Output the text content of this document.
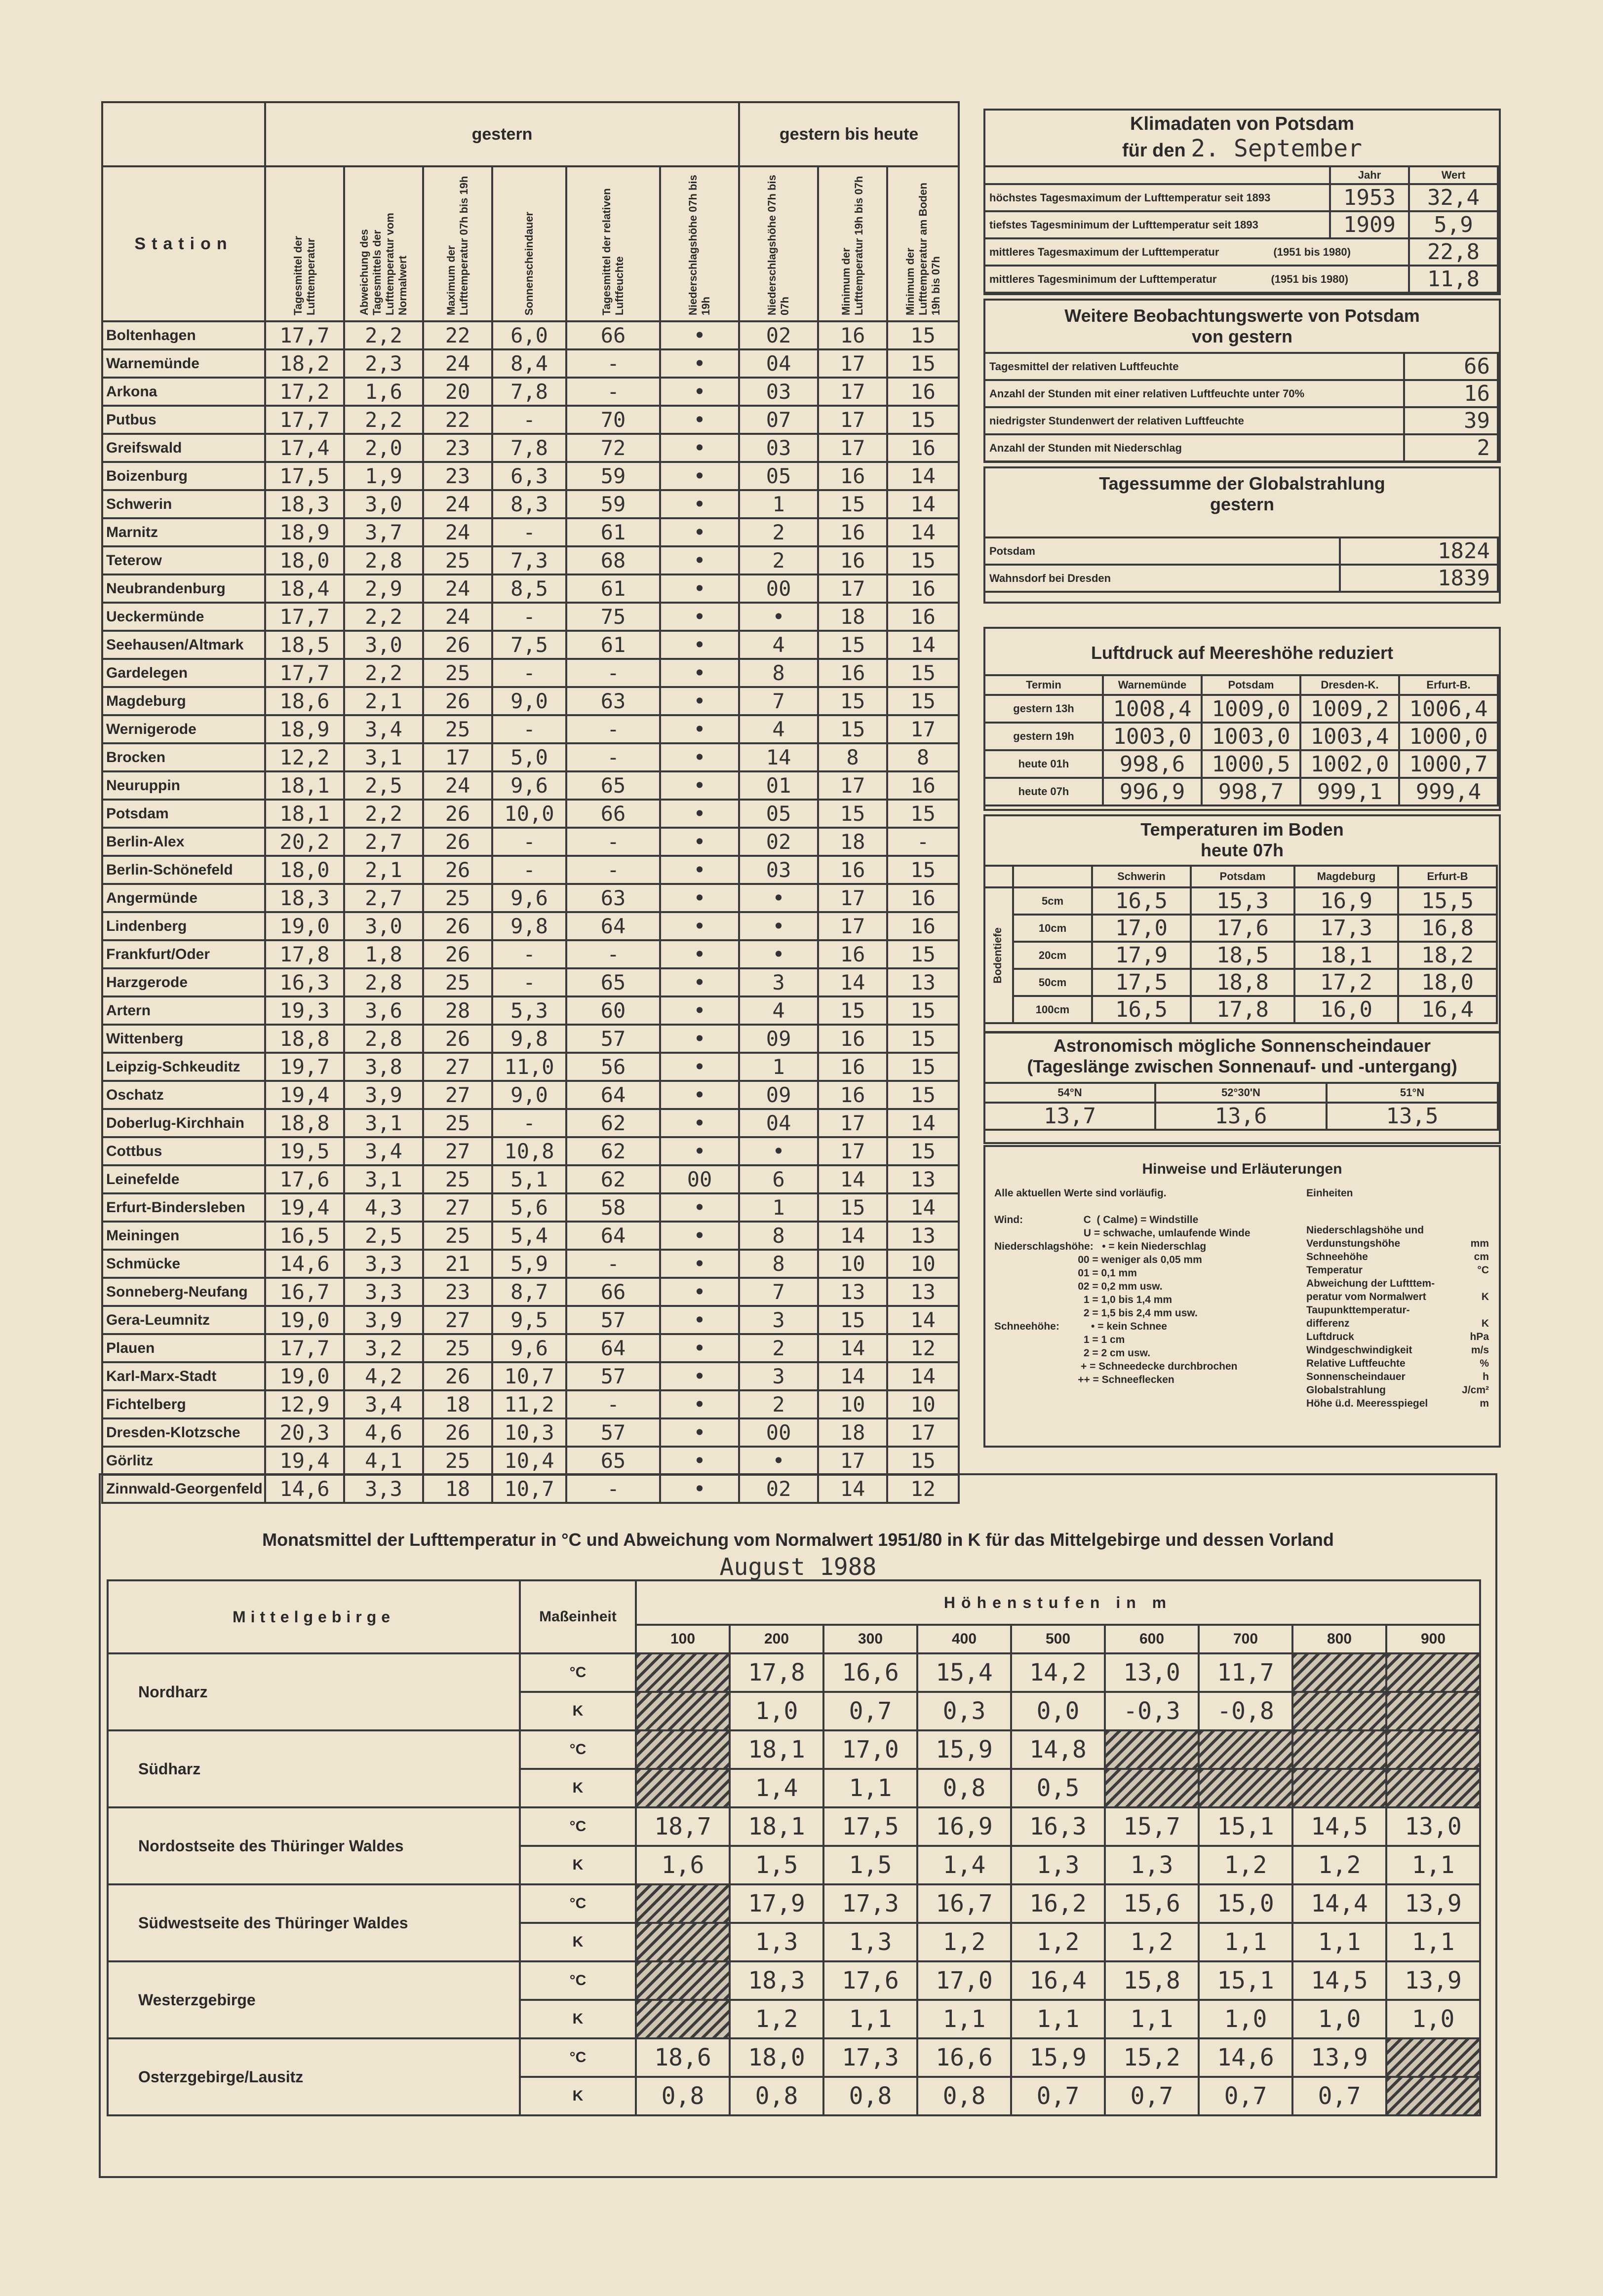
	gestern						gestern bis heute		
Station	Tagesmittel der Lufttemperatur	Abweichung des Tagesmittels der Lufttemperatur vom Normalwert	Maximum der Lufttemperatur 07h bis 19h	Sonnenscheindauer	Tagesmittel der relativen Luftfeuchte	Niederschlagshöhe 07h bis 19h	Niederschlagshöhe 07h bis 07h	Minimum der Lufttemperatur 19h bis 07h	Minimum der Lufttemperatur am Boden 19h bis 07h

Boltenhagen	17,7	2,2	22	6,0	66	•	02	16	15
Warnemünde	18,2	2,3	24	8,4	-	•	04	17	15
Arkona	17,2	1,6	20	7,8	-	•	03	17	16
Putbus	17,7	2,2	22	-	70	•	07	17	15
Greifswald	17,4	2,0	23	7,8	72	•	03	17	16
Boizenburg	17,5	1,9	23	6,3	59	•	05	16	14
Schwerin	18,3	3,0	24	8,3	59	•	1	15	14
Marnitz	18,9	3,7	24	-	61	•	2	16	14
Teterow	18,0	2,8	25	7,3	68	•	2	16	15
Neubrandenburg	18,4	2,9	24	8,5	61	•	00	17	16
Ueckermünde	17,7	2,2	24	-	75	•	•	18	16
Seehausen/Altmark	18,5	3,0	26	7,5	61	•	4	15	14
Gardelegen	17,7	2,2	25	-	-	•	8	16	15
Magdeburg	18,6	2,1	26	9,0	63	•	7	15	15
Wernigerode	18,9	3,4	25	-	-	•	4	15	17
Brocken	12,2	3,1	17	5,0	-	•	14	8	8
Neuruppin	18,1	2,5	24	9,6	65	•	01	17	16
Potsdam	18,1	2,2	26	10,0	66	•	05	15	15
Berlin-Alex	20,2	2,7	26	-	-	•	02	18	-
Berlin-Schönefeld	18,0	2,1	26	-	-	•	03	16	15
Angermünde	18,3	2,7	25	9,6	63	•	•	17	16
Lindenberg	19,0	3,0	26	9,8	64	•	•	17	16
Frankfurt/Oder	17,8	1,8	26	-	-	•	•	16	15
Harzgerode	16,3	2,8	25	-	65	•	3	14	13
Artern	19,3	3,6	28	5,3	60	•	4	15	15
Wittenberg	18,8	2,8	26	9,8	57	•	09	16	15
Leipzig-Schkeuditz	19,7	3,8	27	11,0	56	•	1	16	15
Oschatz	19,4	3,9	27	9,0	64	•	09	16	15
Doberlug-Kirchhain	18,8	3,1	25	-	62	•	04	17	14
Cottbus	19,5	3,4	27	10,8	62	•	•	17	15
Leinefelde	17,6	3,1	25	5,1	62	00	6	14	13
Erfurt-Bindersleben	19,4	4,3	27	5,6	58	•	1	15	14
Meiningen	16,5	2,5	25	5,4	64	•	8	14	13
Schmücke	14,6	3,3	21	5,9	-	•	8	10	10
Sonneberg-Neufang	16,7	3,3	23	8,7	66	•	7	13	13
Gera-Leumnitz	19,0	3,9	27	9,5	57	•	3	15	14
Plauen	17,7	3,2	25	9,6	64	•	2	14	12
Karl-Marx-Stadt	19,0	4,2	26	10,7	57	•	3	14	14
Fichtelberg	12,9	3,4	18	11,2	-	•	2	10	10
Dresden-Klotzsche	20,3	4,6	26	10,3	57	•	00	18	17
Görlitz	19,4	4,1	25	10,4	65	•	•	17	15
Zinnwald-Georgenfeld	14,6	3,3	18	10,7	-	•	02	14	12
Klimadaten von Potsdam
für den 2. September
	Jahr	Wert
höchstes Tagesmaximum der Lufttemperatur seit 1893	1953	32,4
tiefstes Tagesminimum der Lufttemperatur seit 1893	1909	5,9
mittleres Tagesmaximum der Lufttemperatur (1951 bis 1980)		22,8
mittleres Tagesminimum der Lufttemperatur (1951 bis 1980)		11,8
Weitere Beobachtungswerte von Potsdam
von gestern
Tagesmittel der relativen Luftfeuchte	66
Anzahl der Stunden mit einer relativen Luftfeuchte unter 70%	16
niedrigster Stundenwert der relativen Luftfeuchte	39
Anzahl der Stunden mit Niederschlag	2
Tagessumme der Globalstrahlung
gestern
Potsdam	1824
Wahnsdorf bei Dresden	1839
Luftdruck auf Meereshöhe reduziert
Termin	Warnemünde	Potsdam	Dresden-K.	Erfurt-B.
gestern 13h	1008,4	1009,0	1009,2	1006,4
gestern 19h	1003,0	1003,0	1003,4	1000,0
heute 01h	998,6	1000,5	1002,0	1000,7
heute 07h	996,9	998,7	999,1	999,4
Temperaturen im Boden
heute 07h
		Schwerin	Potsdam	Magdeburg	Erfurt-B

Bodentiefe	5cm	16,5	15,3	16,9	15,5
	10cm	17,0	17,6	17,3	16,8
	20cm	17,9	18,5	18,1	18,2
	50cm	17,5	18,8	17,2	18,0
	100cm	16,5	17,8	16,0	16,4
Astronomisch mögliche Sonnenscheindauer
(Tageslänge zwischen Sonnenauf- und -untergang)
54°N	52°30'N	51°N
13,7	13,6	13,5
Hinweise und Erläuterungen
Alle aktuellen Werte sind vorläufig.
Wind:                     C  ( Calme) = Windstille
U = schwache, umlaufende Winde
Niederschlagshöhe:   • = kein Niederschlag
00 = weniger als 0,05 mm
01 = 0,1 mm
02 = 0,2 mm usw.
1 = 1,0 bis 1,4 mm
2 = 1,5 bis 2,4 mm usw.
Schneehöhe:           • = kein Schnee
1 = 1 cm
2 = 2 cm usw.
+ = Schneedecke durchbrochen
++ = Schneeflecken
Einheiten
Niederschlagshöhe und
Verdunstungshöhe	mm
Schneehöhe	cm
Temperatur	°C
Abweichung der Luftttem-
peratur vom Normalwert	K
Taupunkttemperatur-
differenz	K
Luftdruck	hPa
Windgeschwindigkeit	m/s
Relative Luftfeuchte	%
Sonnenscheindauer	h
Globalstrahlung	J/cm²
Höhe ü.d. Meeresspiegel	m
Monatsmittel der Lufttemperatur in °C und Abweichung vom Normalwert 1951/80 in K für das Mittelgebirge und dessen Vorland
August 1988
Mittelgebirge	Maßeinheit	Höhenstufen in m								
		100	200	300	400	500	600	700	800	900
Nordharz	°C		17,8	16,6	15,4	14,2	13,0	11,7		
	K		1,0	0,7	0,3	0,0	-0,3	-0,8		
Südharz	°C		18,1	17,0	15,9	14,8				
	K		1,4	1,1	0,8	0,5				
Nordostseite des Thüringer Waldes	°C	18,7	18,1	17,5	16,9	16,3	15,7	15,1	14,5	13,0
	K	1,6	1,5	1,5	1,4	1,3	1,3	1,2	1,2	1,1
Südwestseite des Thüringer Waldes	°C		17,9	17,3	16,7	16,2	15,6	15,0	14,4	13,9
	K		1,3	1,3	1,2	1,2	1,2	1,1	1,1	1,1
Westerzgebirge	°C		18,3	17,6	17,0	16,4	15,8	15,1	14,5	13,9
	K		1,2	1,1	1,1	1,1	1,1	1,0	1,0	1,0
Osterzgebirge/Lausitz	°C	18,6	18,0	17,3	16,6	15,9	15,2	14,6	13,9	
	K	0,8	0,8	0,8	0,8	0,7	0,7	0,7	0,7	
